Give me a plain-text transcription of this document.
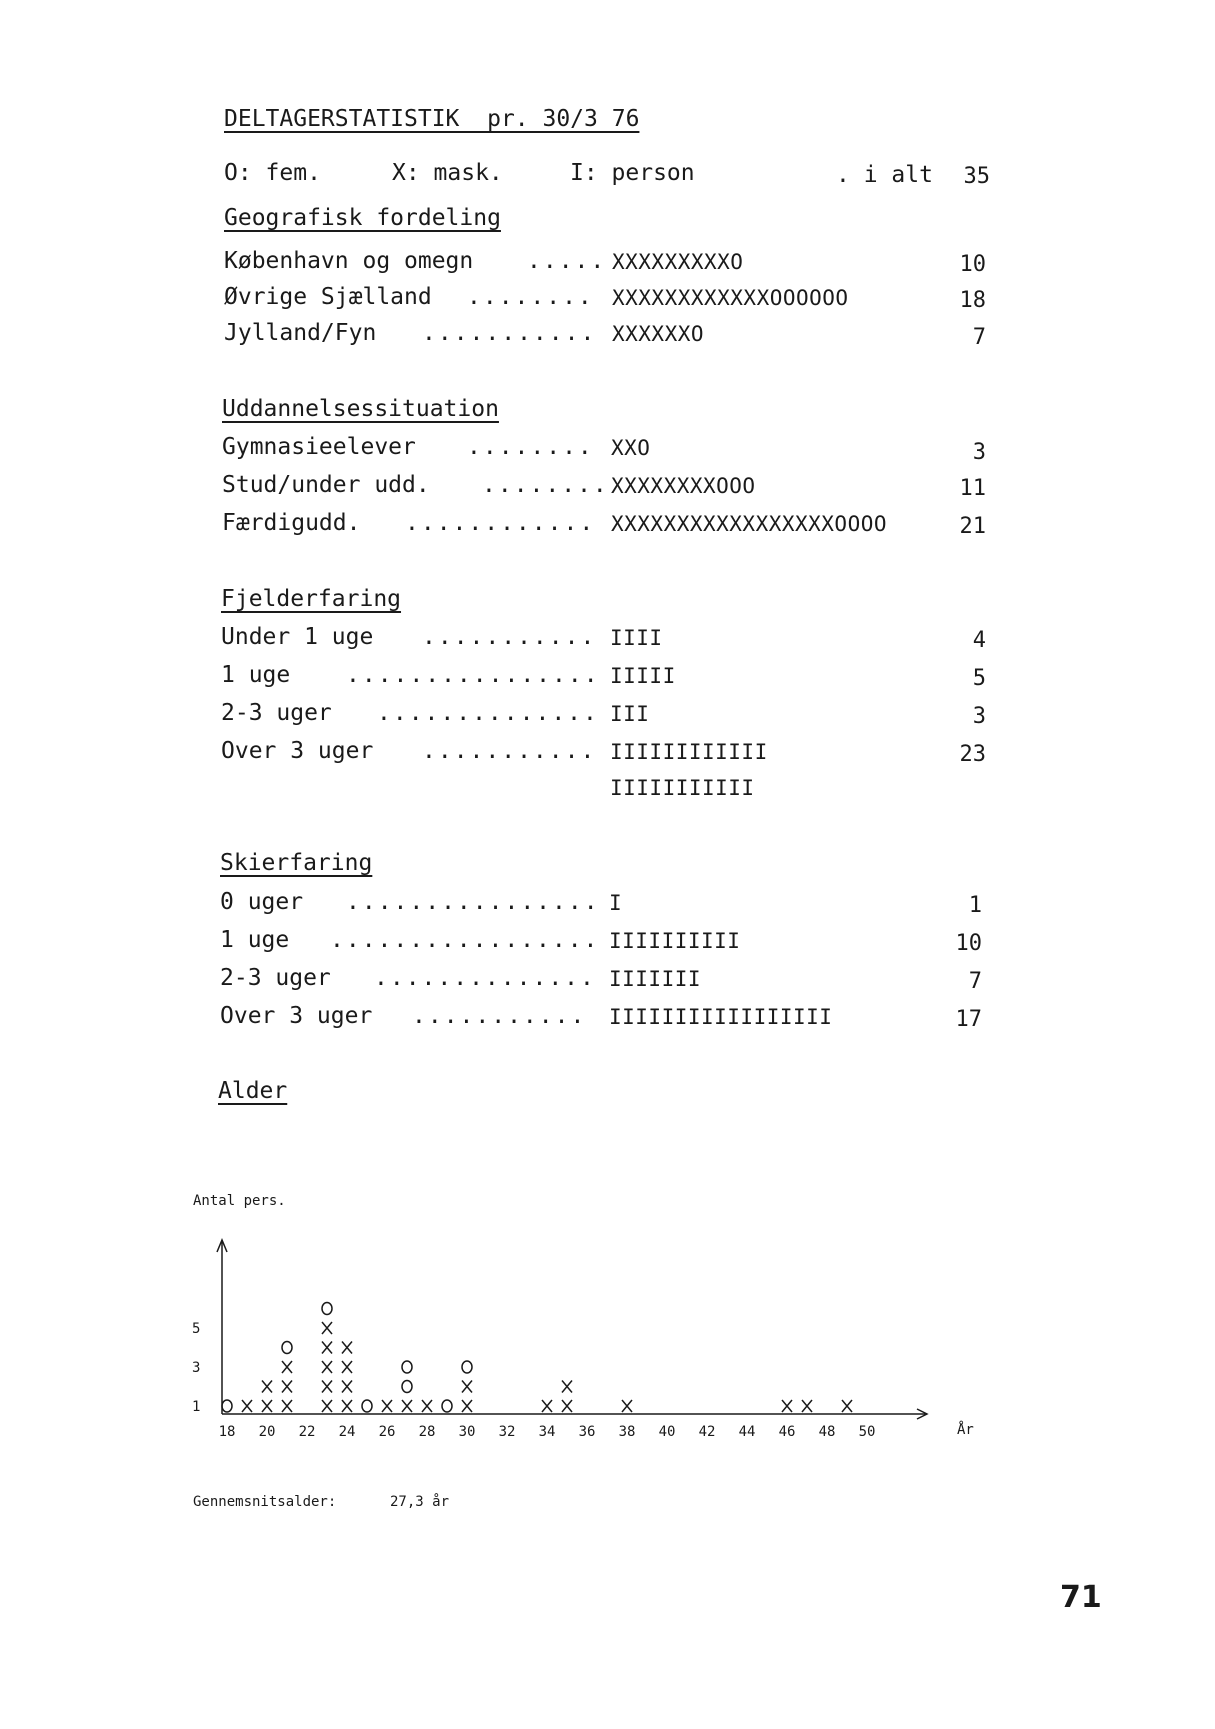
DELTAGERSTATISTIK  pr. 30/3 76
O: fem.	X: mask.	I: person	. i alt	35
Geografisk fordeling
København og omegn ..... XXXXXXXXXO	10
Øvrige Sjælland ........ XXXXXXXXXXXXOOOOOO	18
Jylland/Fyn ........... XXXXXXO	7
Uddannelsessituation
Gymnasieelever ........ XXO	3
Stud/under udd. ........ XXXXXXXXOOO	11
Færdigudd. ............ XXXXXXXXXXXXXXXXXOOOO	21
Fjelderfaring
Under 1 uge ........... IIII	4
1 uge ................ IIIII	5
2-3 uger .............. III	3
Over 3 uger ........... IIIIIIIIIIII	23
IIIIIIIIIII
Skierfaring
0 uger ................ I	1
1 uge ................. IIIIIIIIII	10
2-3 uger .............. IIIIIII	7
Over 3 uger ........... IIIIIIIIIIIIIIIII	17
Alder
Antal pers.
18 20 22 24 26 28 30 32 34 36 38 40 42 44 46 48 50	År
1
3
5
Gennemsnitsalder:	27,3 år
71
